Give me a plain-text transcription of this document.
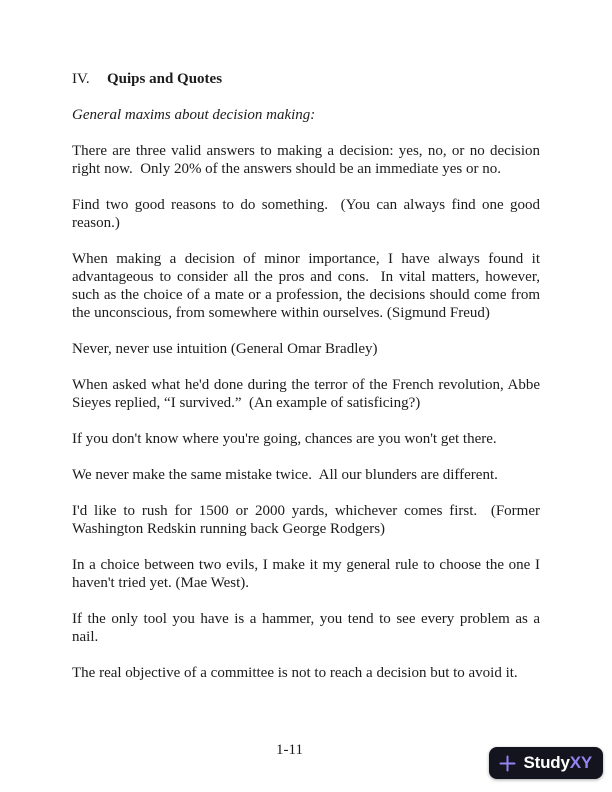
IV. Quips and Quotes
General maxims about decision making:
There are three valid answers to making a decision: yes, no, or no decision
right now.  Only 20% of the answers should be an immediate yes or no.
Find two good reasons to do something.  (You can always find one good
reason.)
When making a decision of minor importance, I have always found it
advantageous to consider all the pros and cons.  In vital matters, however,
such as the choice of a mate or a profession, the decisions should come from
the unconscious, from somewhere within ourselves. (Sigmund Freud)
Never, never use intuition (General Omar Bradley)
When asked what he'd done during the terror of the French revolution, Abbe
Sieyes replied, “I survived.”  (An example of satisficing?)
If you don't know where you're going, chances are you won't get there.
We never make the same mistake twice.  All our blunders are different.
I'd like to rush for 1500 or 2000 yards, whichever comes first.  (Former
Washington Redskin running back George Rodgers)
In a choice between two evils, I make it my general rule to choose the one I
haven't tried yet. (Mae West).
If the only tool you have is a hammer, you tend to see every problem as a
nail.
The real objective of a committee is not to reach a decision but to avoid it.
1-11
StudyXY
